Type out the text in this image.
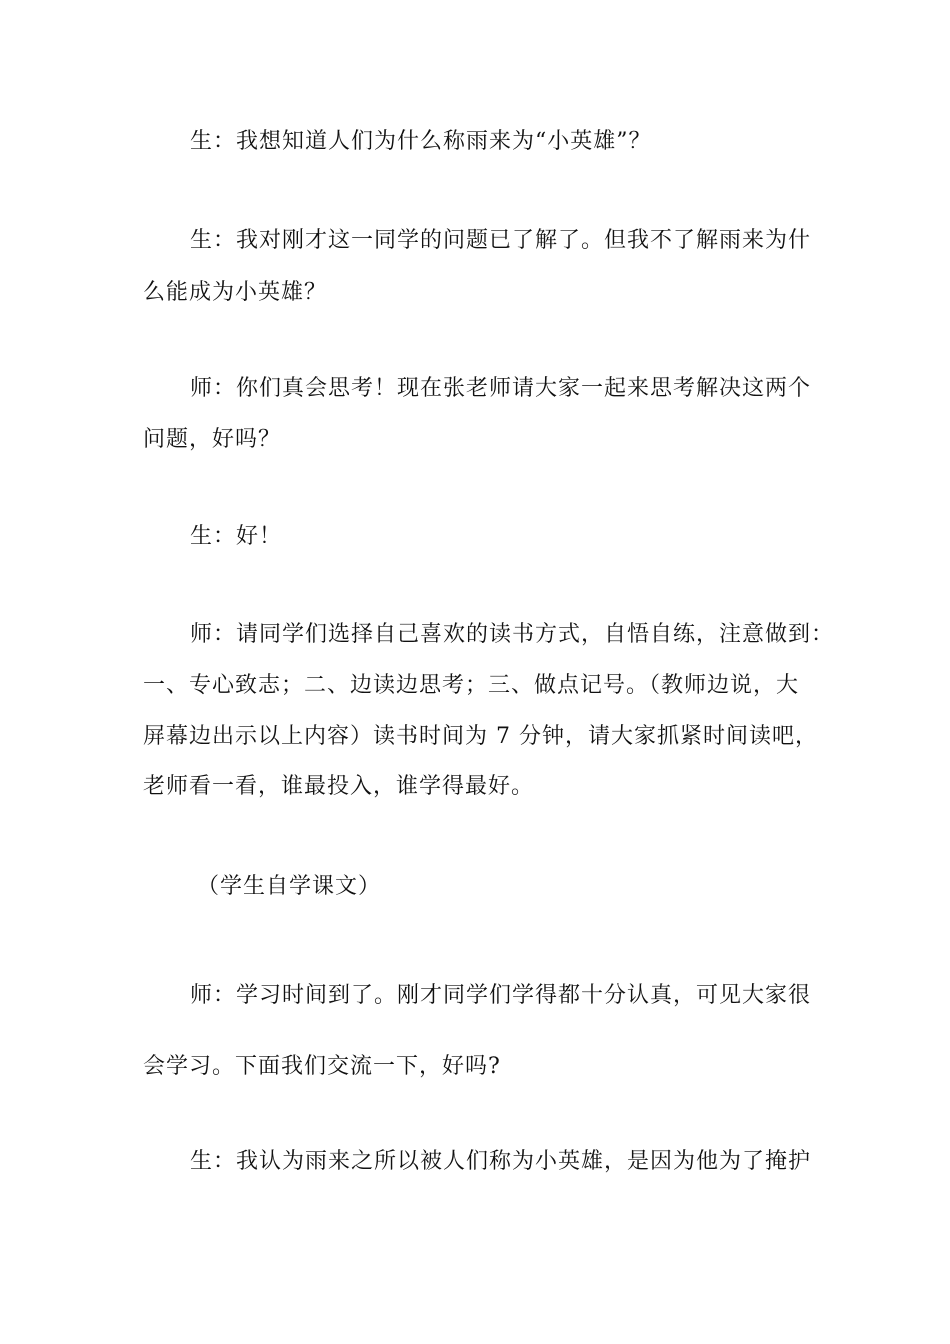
生：我想知道人们为什么称雨来为“小英雄”？
生：我对刚才这一同学的问题已了解了。但我不了解雨来为什
么能成为小英雄？
师：你们真会思考！现在张老师请大家一起来思考解决这两个
问题，好吗？
生：好！
师：请同学们选择自己喜欢的读书方式，自悟自练，注意做到：
一、专心致志；二、边读边思考；三、做点记号。（教师边说，大
屏幕边出示以上内容）读书时间为 7 分钟，请大家抓紧时间读吧，
老师看一看，谁最投入，谁学得最好。
（学生自学课文）
师：学习时间到了。刚才同学们学得都十分认真，可见大家很
会学习。下面我们交流一下，好吗?
生：我认为雨来之所以被人们称为小英雄，是因为他为了掩护
